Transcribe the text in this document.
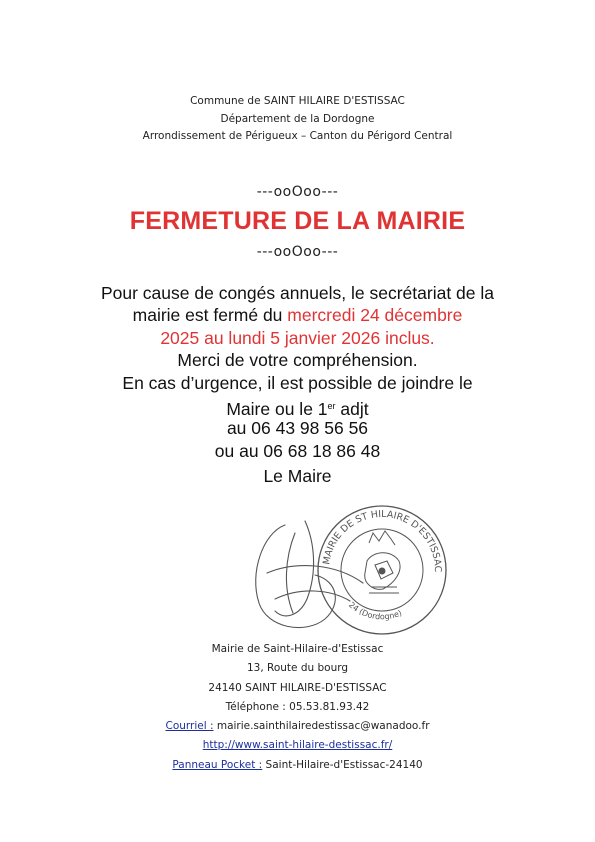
Commune de SAINT HILAIRE D'ESTISSAC
Département de la Dordogne
Arrondissement de Périgueux – Canton du Périgord Central
---ooOoo---
FERMETURE DE LA MAIRIE
---ooOoo---
Pour cause de congés annuels, le secrétariat de la
mairie est fermé du mercredi 24 décembre
2025 au lundi 5 janvier 2026 inclus.
Merci de votre compréhension.
En cas d’urgence, il est possible de joindre le
Maire ou le 1er adjt
au 06 43 98 56 56
ou au 06 68 18 86 48
Le Maire
MAIRIE DE ST HILAIRE D'ESTISSAC
24 (Dordogne)
Mairie de Saint-Hilaire-d'Estissac
13, Route du bourg
24140 SAINT HILAIRE-D'ESTISSAC
Téléphone : 05.53.81.93.42
Courriel : mairie.sainthilairedestissac@wanadoo.fr
http://www.saint-hilaire-destissac.fr/
Panneau Pocket : Saint-Hilaire-d'Estissac-24140
